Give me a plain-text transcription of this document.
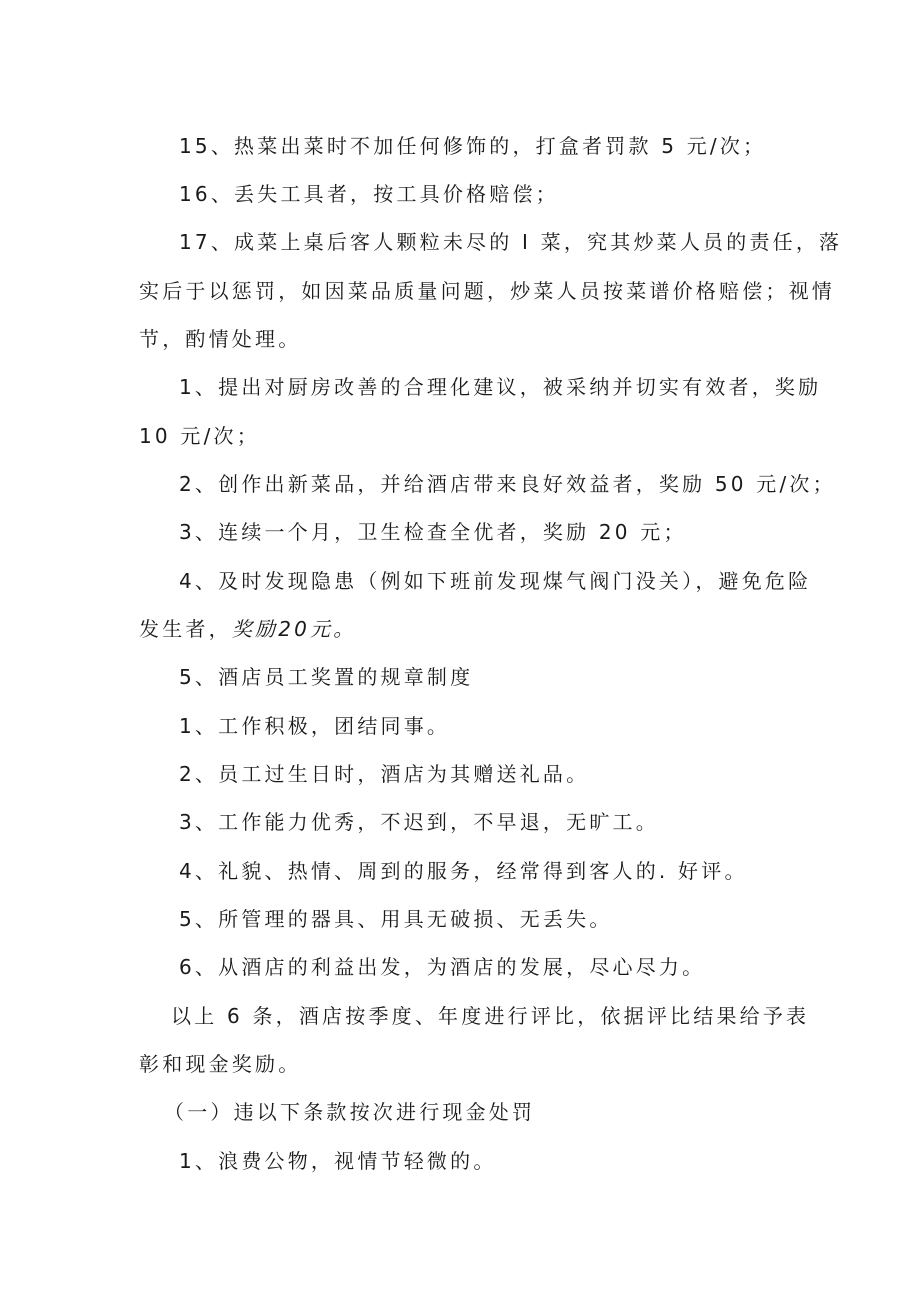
15、热菜出菜时不加任何修饰的，打盒者罚款 5 元/次；
16、丢失工具者，按工具价格赔偿；
17、成菜上桌后客人颗粒未尽的 I 菜，究其炒菜人员的责任，落
实后于以惩罚，如因菜品质量问题，炒菜人员按菜谱价格赔偿；视情
节，酌情处理。
1、提出对厨房改善的合理化建议，被采纳并切实有效者，奖励
10 元/次；
2、创作出新菜品，并给酒店带来良好效益者，奖励 50 元/次；
3、连续一个月，卫生检查全优者，奖励 20 元；
4、及时发现隐患（例如下班前发现煤气阀门没关），避免危险
发生者，奖励20元。
5、酒店员工奖置的规章制度
1、工作积极，团结同事。
2、员工过生日时，酒店为其赠送礼品。
3、工作能力优秀，不迟到，不早退，无旷工。
4、礼貌、热情、周到的服务，经常得到客人的. 好评。
5、所管理的器具、用具无破损、无丢失。
6、从酒店的利益出发，为酒店的发展，尽心尽力。
以上 6 条，酒店按季度、年度进行评比，依据评比结果给予表
彰和现金奖励。
（一）违以下条款按次进行现金处罚
1、浪费公物，视情节轻微的。
